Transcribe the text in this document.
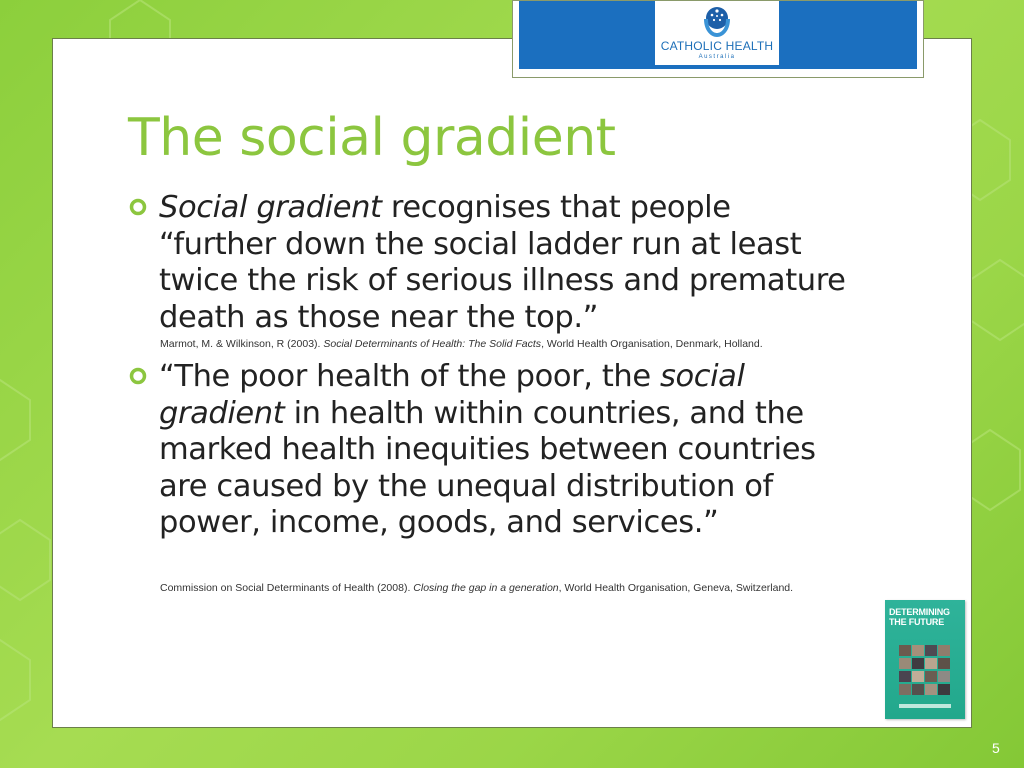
CATHOLIC HEALTH
Australia
The social gradient

Social gradient recognises that people “further down the social ladder run at least twice the risk of serious illness and premature death as those near the top.”

Marmot, M. & Wilkinson, R (2003). Social Determinants of Health: The Solid Facts, World Health Organisation, Denmark, Holland.

“The poor health of the poor, the social gradient in health within countries, and the marked health inequities between countries are caused by the unequal distribution of power, income, goods, and services.”

Commission on Social Determinants of Health (2008). Closing the gap in a generation, World Health Organisation, Geneva, Switzerland.

DETERMINING THE FUTURE
5
